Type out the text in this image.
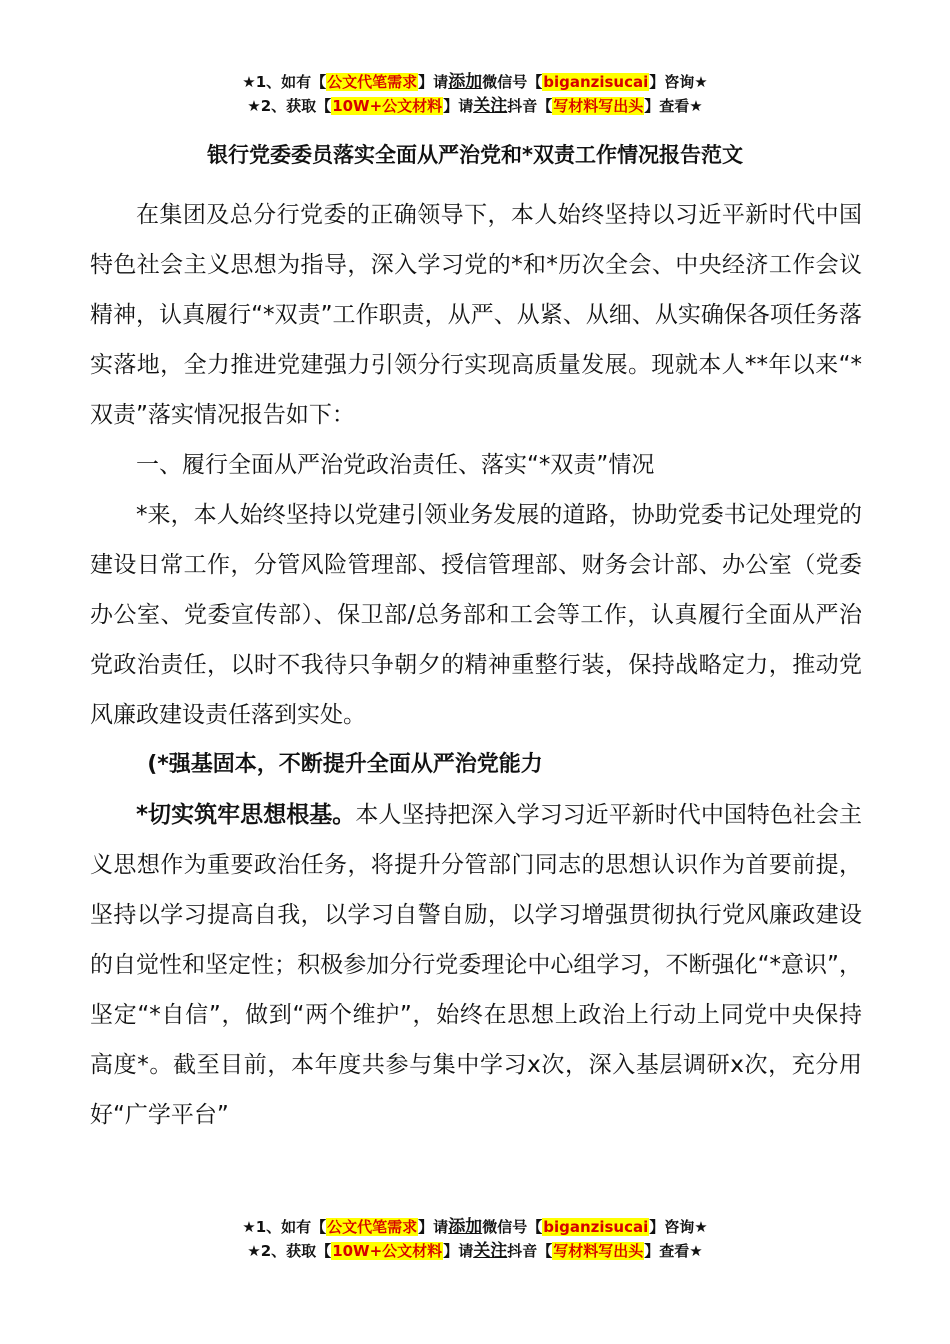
★1、如有【公文代笔需求】请添加微信号【biganzisucai】咨询★
★2、获取【10W+公文材料】请关注抖音【写材料写出头】查看★
银行党委委员落实全面从严治党和*双责工作情况报告范文

在集团及总分行党委的正确领导下，本人始终坚持以习近平新时代中国特色社会主义思想为指导，深入学习党的*和*历次全会、中央经济工作会议精神，认真履行“*双责”工作职责，从严、从紧、从细、从实确保各项任务落实落地，全力推进党建强力引领分行实现高质量发展。现就本人**年以来“*双责”落实情况报告如下：

一、履行全面从严治党政治责任、落实“*双责”情况

*来，本人始终坚持以党建引领业务发展的道路，协助党委书记处理党的建设日常工作，分管风险管理部、授信管理部、财务会计部、办公室（党委办公室、党委宣传部）、保卫部/总务部和工会等工作，认真履行全面从严治党政治责任，以时不我待只争朝夕的精神重整行装，保持战略定力，推动党风廉政建设责任落到实处。

(*强基固本，不断提升全面从严治党能力

*切实筑牢思想根基。本人坚持把深入学习习近平新时代中国特色社会主义思想作为重要政治任务，将提升分管部门同志的思想认识作为首要前提，坚持以学习提高自我，以学习自警自励，以学习增强贯彻执行党风廉政建设的自觉性和坚定性；积极参加分行党委理论中心组学习，不断强化“*意识”，坚定“*自信”，做到“两个维护”，始终在思想上政治上行动上同党中央保持高度*。截至目前，本年度共参与集中学习x次，深入基层调研x次，充分用好“广学平台”

★1、如有【公文代笔需求】请添加微信号【biganzisucai】咨询★
★2、获取【10W+公文材料】请关注抖音【写材料写出头】查看★
